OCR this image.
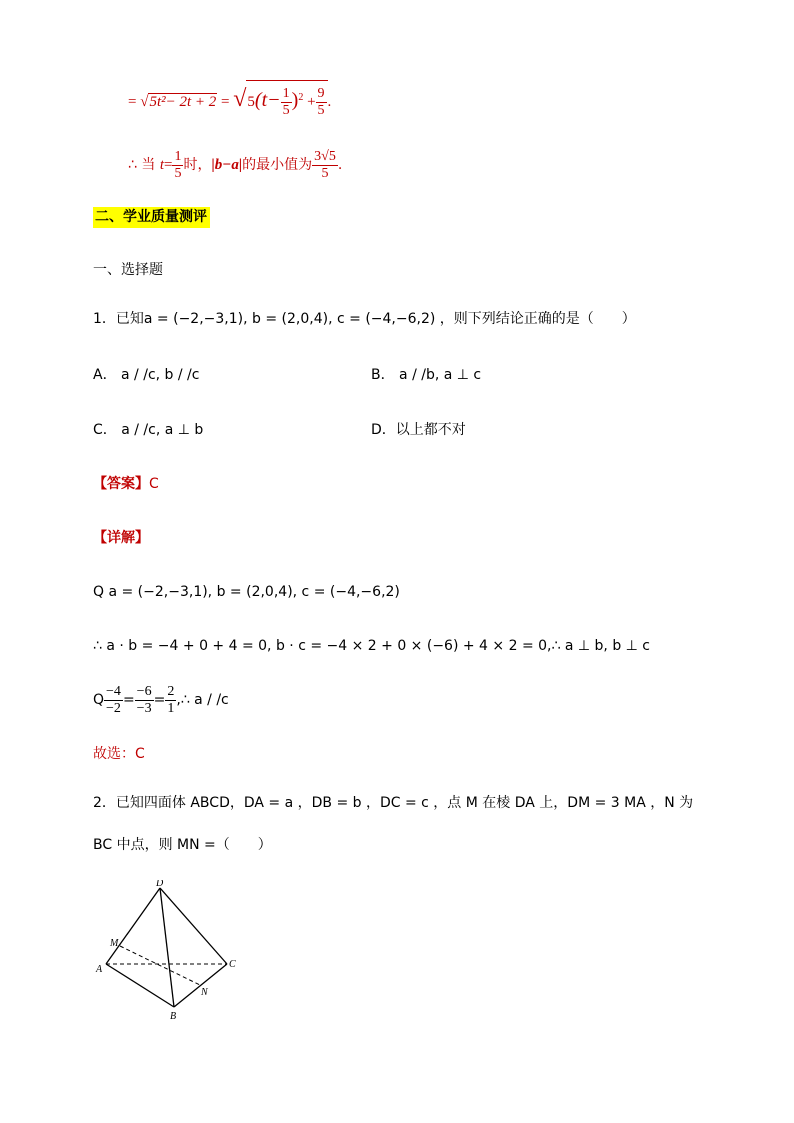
= $√5t^2- 2t + 2 = √5(t- \frac{1}{5} )^2 + \frac{9}{5}$ .
∴ 当 $t= \frac{1}{5}$ 时，|b−a|的最小值为 $\frac{3√5}{5}$ .
二、学业质量测评
一、选择题
1．已知a = (−2,−3,1), b = (2,0,4), c = (−4,−6,2) ，则下列结论正确的是（　　）
A． a / /c, b / /c	B． a / /b, a ⊥ c
C． a / /c, a ⊥ b	D．以上都不对
【答案】C
【详解】
Q a = (−2,−3,1), b = (2,0,4), c = (−4,−6,2)
∴ a · b = −4 + 0 + 4 = 0, b · c = −4 × 2 + 0 × (−6) + 4 × 2 = 0,∴ a ⊥ b, b ⊥ c
Q $\frac{-4}{-2} = \frac{-6}{-3} = \frac{2}{1}$ ,∴ a / /c
故选：C
2．已知四面体 ABCD，DA = a ，DB = b ，DC = c ，点 M 在棱 DA 上，DM = 3 MA ，N 为
BC 中点，则 MN =（　　）
D
M
A	C
N
B
